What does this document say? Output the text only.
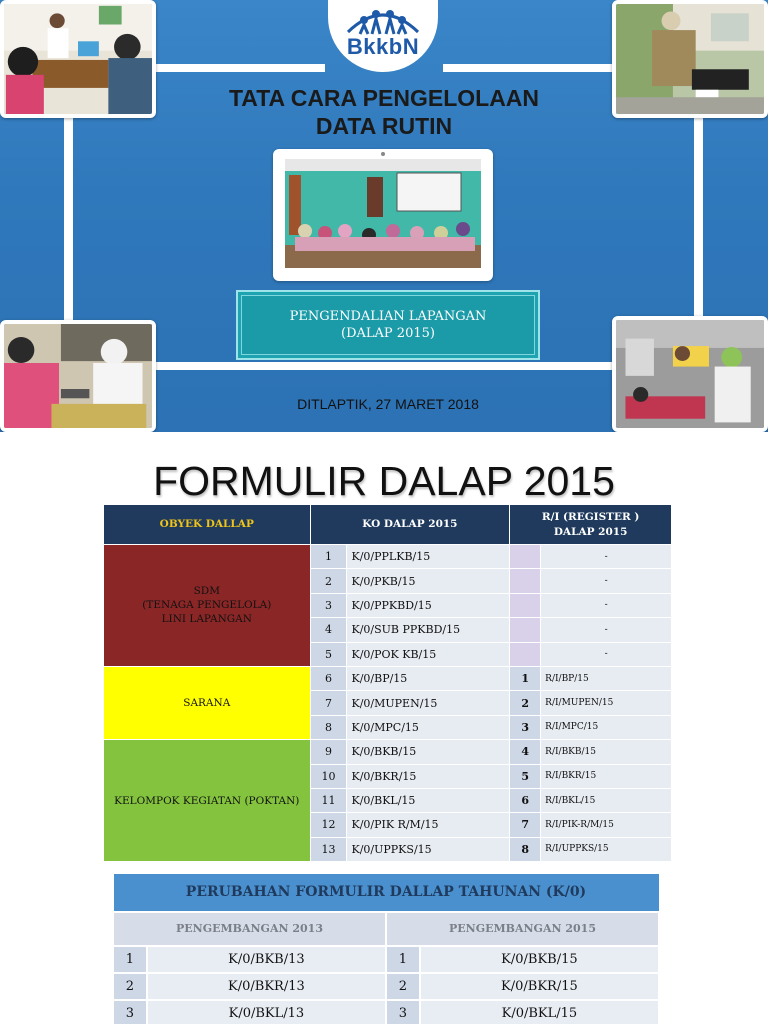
BkkbN
TATA CARA PENGELOLAAN
DATA RUTIN
PENGENDALIAN LAPANGAN
(DALAP 2015)
DITLAPTIK, 27 MARET 2018
FORMULIR DALAP 2015
OBYEK DALLAP	KO DALAP 2015		R/I (REGISTER )
DALAP 2015	

SDM
(TENAGA PENGELOLA)
LINI LAPANGAN	1	K/0/PPLKB/15		-
	2	K/0/PKB/15		-
	3	K/0/PPKBD/15		-
	4	K/0/SUB PPKBD/15		-
	5	K/0/POK KB/15		-
SARANA	6	K/0/BP/15	1	R/I/BP/15
	7	K/0/MUPEN/15	2	R/I/MUPEN/15
	8	K/0/MPC/15	3	R/I/MPC/15
KELOMPOK KEGIATAN (POKTAN)	9	K/0/BKB/15	4	R/I/BKB/15
	10	K/0/BKR/15	5	R/I/BKR/15
	11	K/0/BKL/15	6	R/I/BKL/15
	12	K/0/PIK R/M/15	7	R/I/PIK-R/M/15
	13	K/0/UPPKS/15	8	R/I/UPPKS/15
PERUBAHAN FORMULIR DALLAP TAHUNAN (K/0)			
PENGEMBANGAN 2013		PENGEMBANGAN 2015	
1	K/0/BKB/13	1	K/0/BKB/15
2	K/0/BKR/13	2	K/0/BKR/15
3	K/0/BKL/13	3	K/0/BKL/15
